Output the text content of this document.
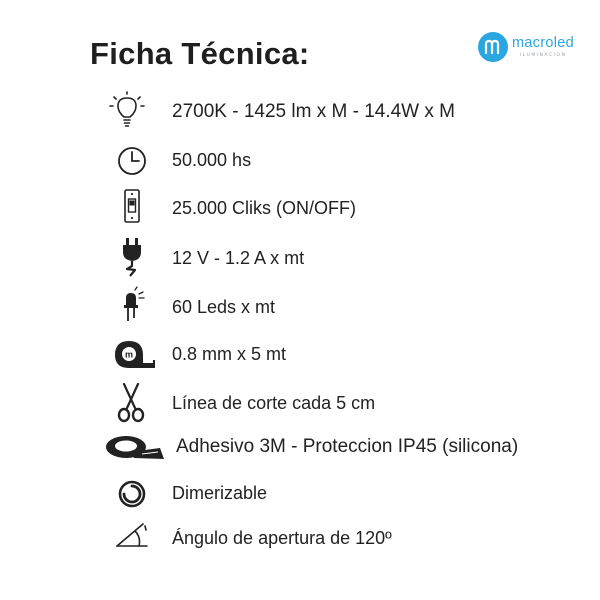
Ficha Técnica:	macroled
ILUMINACION
2700K - 1425 lm x M - 14.4W x M
50.000 hs
25.000 Cliks (ON/OFF)
12 V - 1.2 A x mt
60 Leds x mt
m 0.8 mm x 5 mt
Línea de corte cada 5 cm
Adhesivo 3M - Proteccion IP45 (silicona)
Dimerizable
Ángulo de apertura de 120º
